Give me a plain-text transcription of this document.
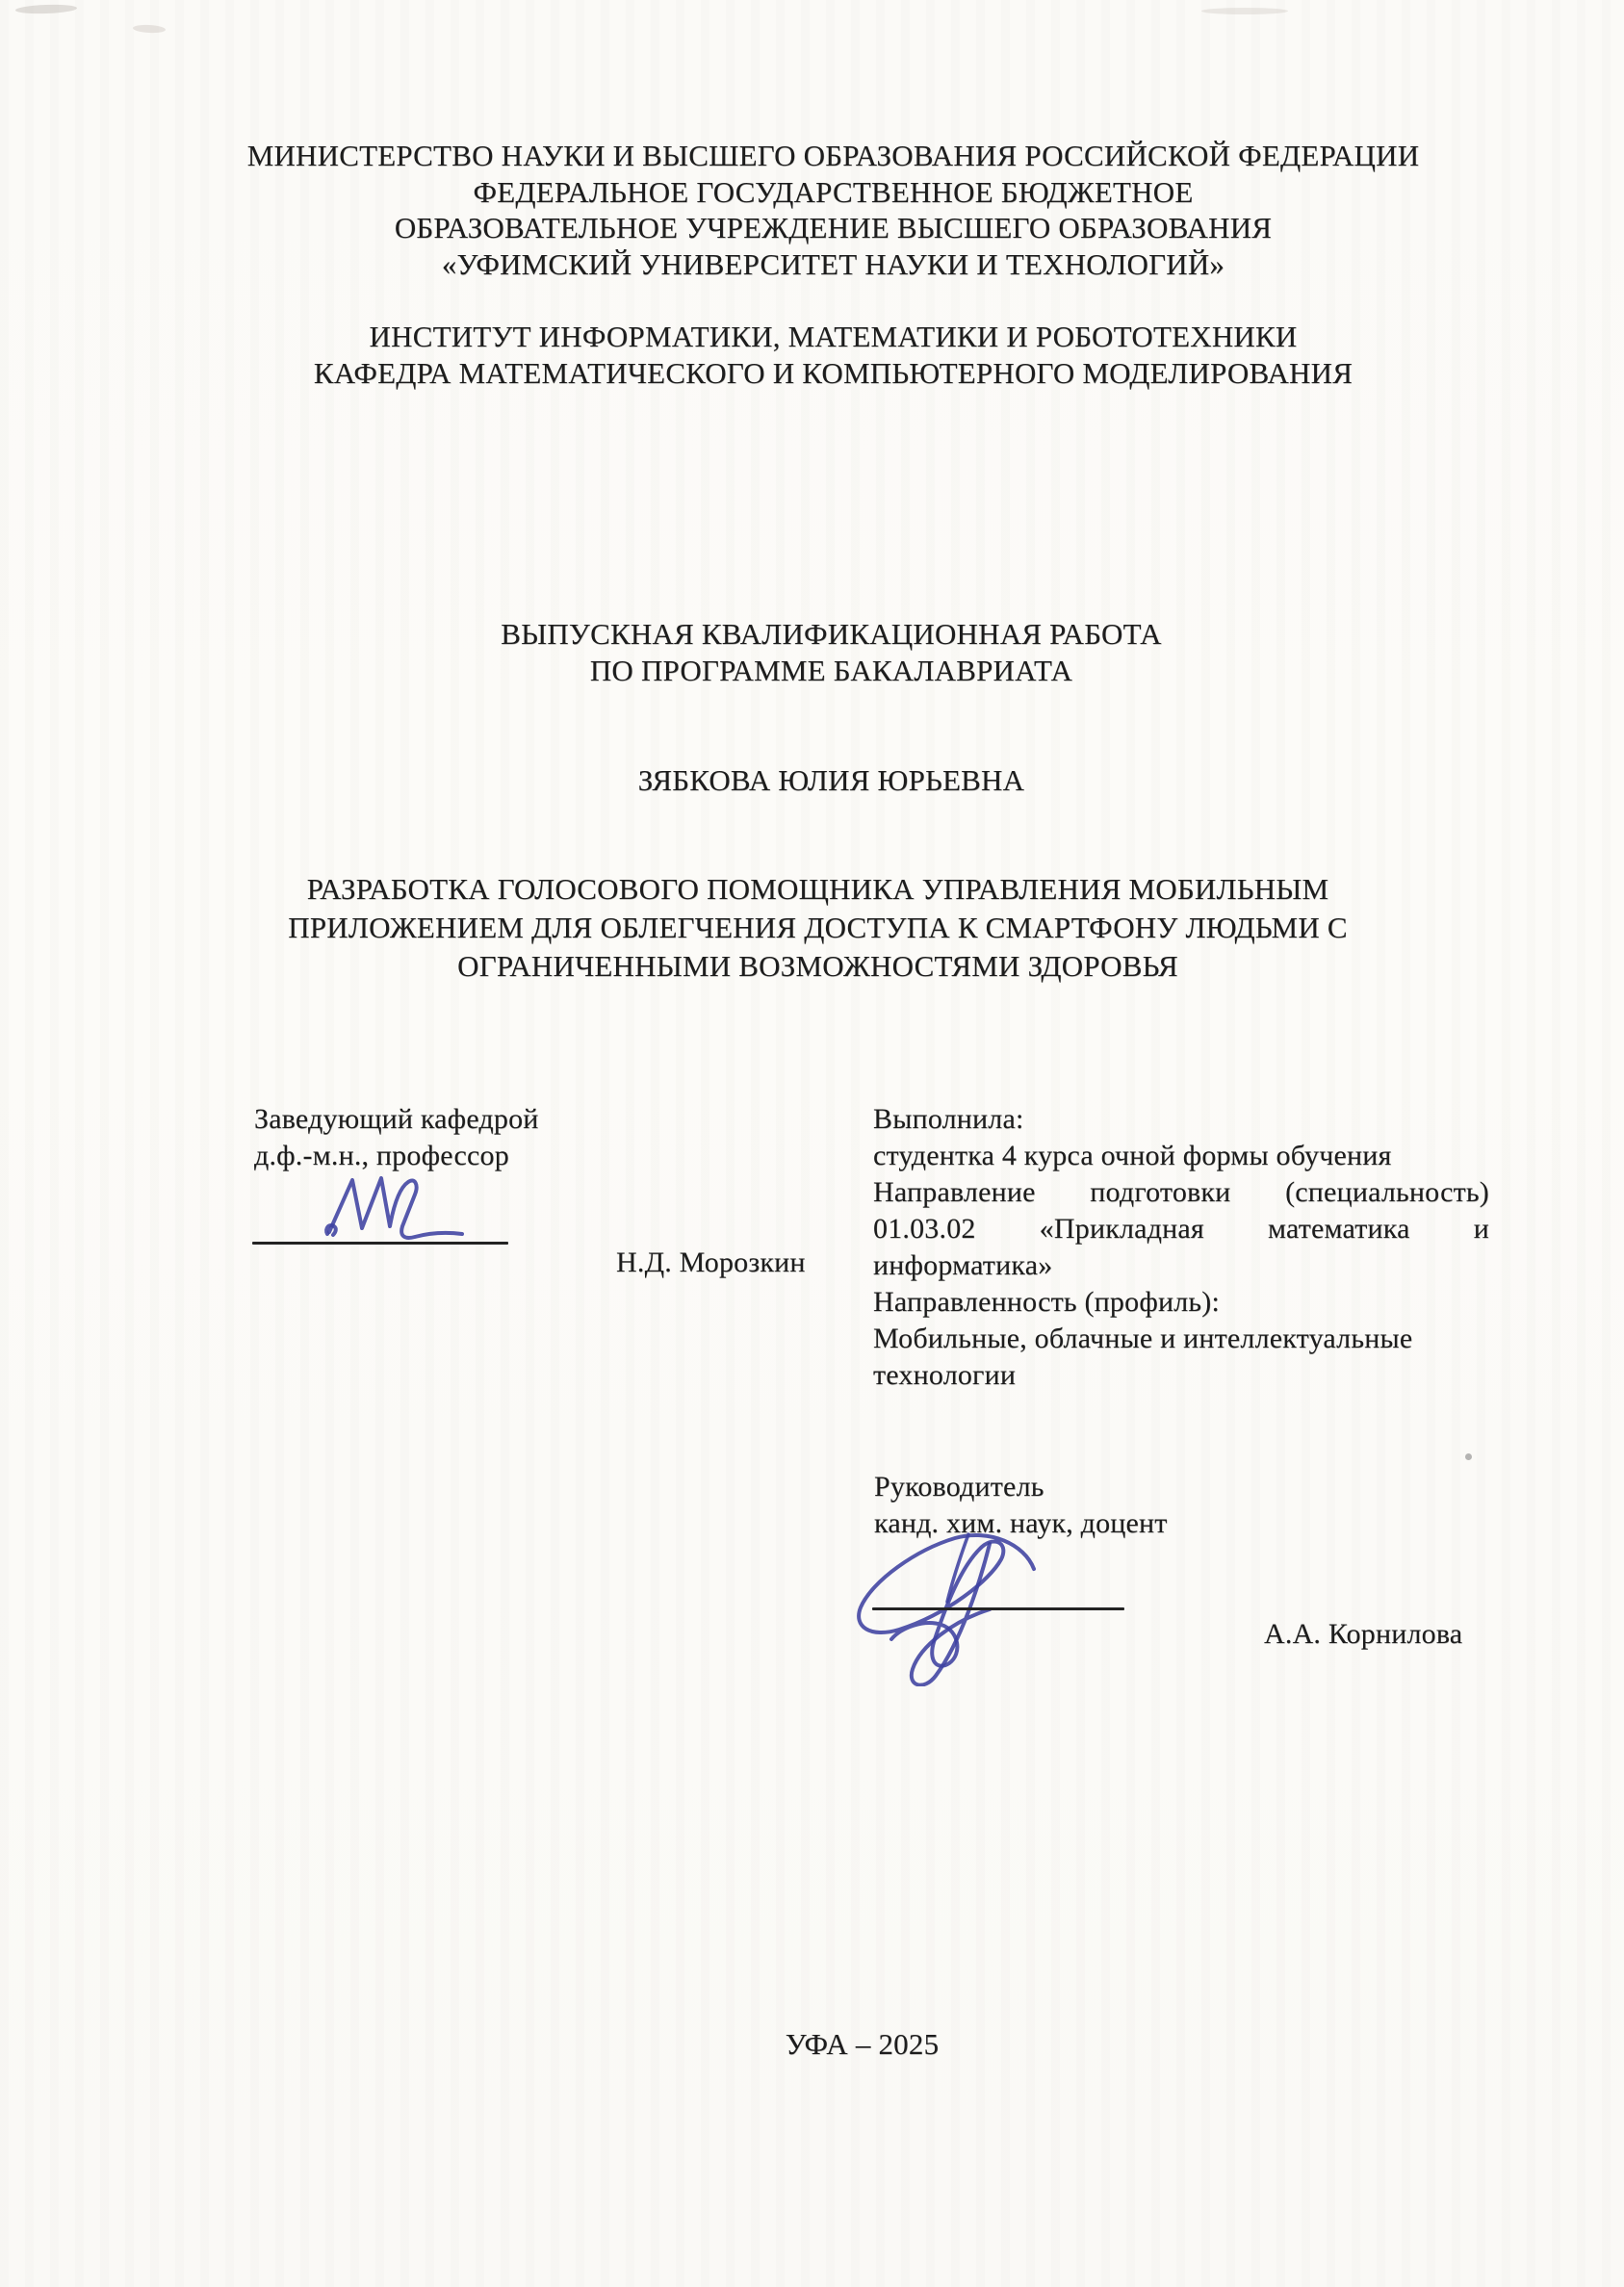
МИНИСТЕРСТВО НАУКИ И ВЫСШЕГО ОБРАЗОВАНИЯ РОССИЙСКОЙ ФЕДЕРАЦИИ
ФЕДЕРАЛЬНОЕ ГОСУДАРСТВЕННОЕ БЮДЖЕТНОЕ
ОБРАЗОВАТЕЛЬНОЕ УЧРЕЖДЕНИЕ ВЫСШЕГО ОБРАЗОВАНИЯ
«УФИМСКИЙ УНИВЕРСИТЕТ НАУКИ И ТЕХНОЛОГИЙ»
ИНСТИТУТ ИНФОРМАТИКИ, МАТЕМАТИКИ И РОБОТОТЕХНИКИ
КАФЕДРА МАТЕМАТИЧЕСКОГО И КОМПЬЮТЕРНОГО МОДЕЛИРОВАНИЯ
ВЫПУСКНАЯ КВАЛИФИКАЦИОННАЯ РАБОТА
ПО ПРОГРАММЕ БАКАЛАВРИАТА
ЗЯБКОВА ЮЛИЯ ЮРЬЕВНА
РАЗРАБОТКА ГОЛОСОВОГО ПОМОЩНИКА УПРАВЛЕНИЯ МОБИЛЬНЫМ
ПРИЛОЖЕНИЕМ ДЛЯ ОБЛЕГЧЕНИЯ ДОСТУПА К СМАРТФОНУ ЛЮДЬМИ С
ОГРАНИЧЕННЫМИ ВОЗМОЖНОСТЯМИ ЗДОРОВЬЯ
Заведующий кафедрой
д.ф.-м.н., профессор
Н.Д. Морозкин
Выполнила:
студентка 4 курса очной формы обучения
Направление подготовки (специальность)
01.03.02 «Прикладная математика и
информатика»
Направленность (профиль):
Мобильные, облачные и интеллектуальные
технологии
Руководитель
канд. хим. наук, доцент
А.А. Корнилова
УФА – 2025
